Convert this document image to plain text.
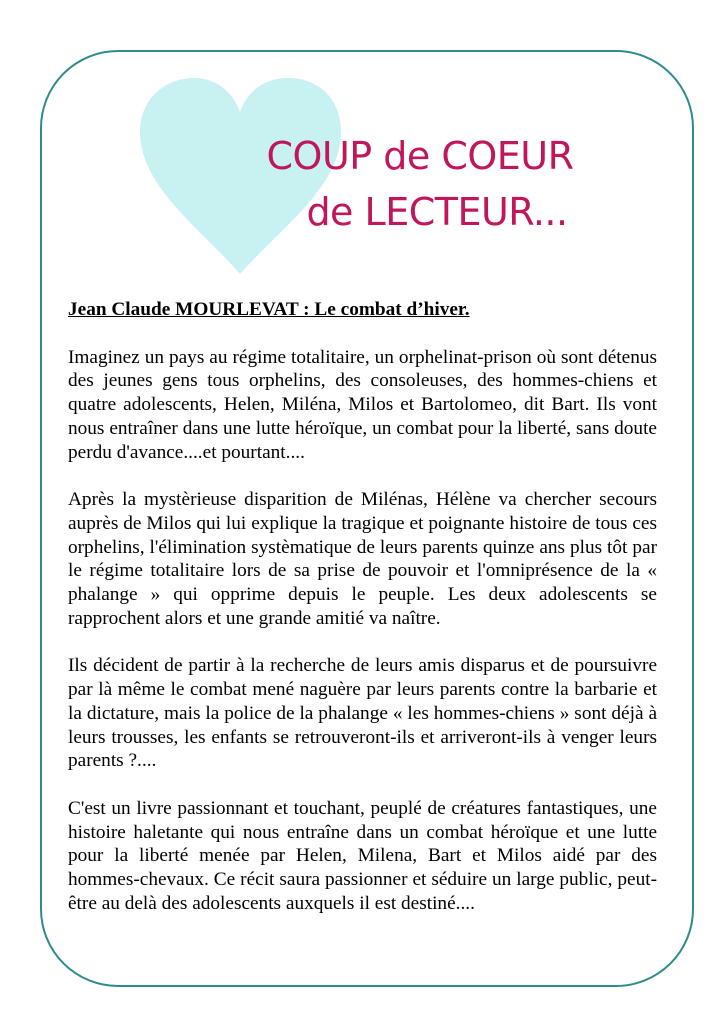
COUP de COEUR
de LECTEUR...
Jean Claude MOURLEVAT : Le combat d’hiver.

Imaginez un pays au régime totalitaire, un orphelinat-prison où sont détenus des jeunes gens tous orphelins, des consoleuses, des hommes-chiens et quatre adolescents, Helen, Miléna, Milos et Bartolomeo, dit Bart. Ils vont nous entraîner dans une lutte héroïque, un combat pour la liberté, sans doute perdu d'avance....et pourtant....

Après la mystèrieuse disparition de Milénas, Hélène va chercher secours auprès de Milos qui lui explique la tragique et poignante histoire de tous ces orphelins, l'élimination systèmatique de leurs parents quinze ans plus tôt par le régime totalitaire lors de sa prise de pouvoir et l'omniprésence de la « phalange » qui opprime depuis le peuple. Les deux adolescents se rapprochent alors et une grande amitié va naître.

Ils décident de partir à la recherche de leurs amis disparus et de poursuivre par là même le combat mené naguère par leurs parents contre la barbarie et la dictature, mais la police de la phalange « les hommes-chiens » sont déjà à leurs trousses, les enfants se retrouveront-ils et arriveront-ils à venger leurs parents ?....

C'est un livre passionnant et touchant, peuplé de créatures fantastiques, une histoire haletante qui nous entraîne dans un combat héroïque et une lutte pour la liberté menée par Helen, Milena, Bart et Milos aidé par des hommes-chevaux. Ce récit saura passionner et séduire un large public, peut-être au delà des adolescents auxquels il est destiné....
